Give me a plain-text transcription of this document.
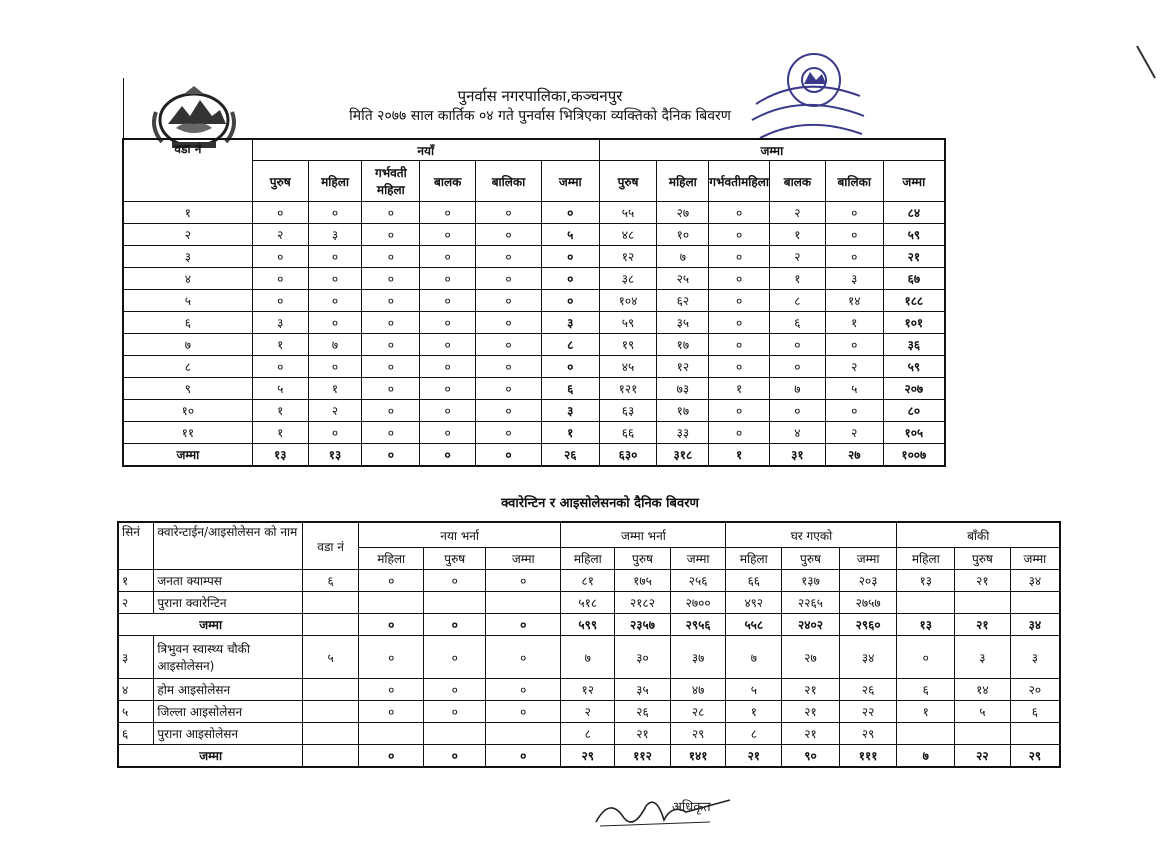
पुनर्वास नगरपालिका,कञ्चनपुर
मिति २०७७ साल कार्तिक ०४ गते पुनर्वास भित्रिएका व्यक्तिको दैनिक बिवरण
वडा नं	नयाँ						जम्मा					
	पुरुष	महिला	गर्भवती महिला	बालक	बालिका	जम्मा	पुरुष	महिला	गर्भवतीमहिला	बालक	बालिका	जम्मा
१	०	०	०	०	०	०	५५	२७	०	२	०	८४
२	२	३	०	०	०	५	४८	१०	०	१	०	५९
३	०	०	०	०	०	०	१२	७	०	२	०	२१
४	०	०	०	०	०	०	३८	२५	०	१	३	६७
५	०	०	०	०	०	०	१०४	६२	०	८	१४	१८८
६	३	०	०	०	०	३	५९	३५	०	६	१	१०१
७	१	७	०	०	०	८	१९	१७	०	०	०	३६
८	०	०	०	०	०	०	४५	१२	०	०	२	५९
९	५	१	०	०	०	६	१२१	७३	१	७	५	२०७
१०	१	२	०	०	०	३	६३	१७	०	०	०	८०
११	१	०	०	०	०	१	६६	३३	०	४	२	१०५
जम्मा	१३	१३	०	०	०	२६	६३०	३१८	१	३१	२७	१००७
क्वारेन्टिन र आइसोलेसनको दैनिक बिवरण
सिनं	क्वारेन्टाईन/आइसोलेसन को नाम	वडा नं	नया भर्ना			जम्मा भर्ना			घर गएको			बाँकी		
			महिला	पुरुष	जम्मा	महिला	पुरुष	जम्मा	महिला	पुरुष	जम्मा	महिला	पुरुष	जम्मा
१	जनता क्याम्पस	६	०	०	०	८१	१७५	२५६	६६	१३७	२०३	१३	२१	३४
२	पुराना क्वारेन्टिन					५१८	२१८२	२७००	४९२	२२६५	२७५७			
जम्मा			०	०	०	५९९	२३५७	२९५६	५५८	२४०२	२९६०	१३	२१	३४
३	त्रिभुवन स्वास्थ्य चौकी आइसोलेसन)	५	०	०	०	७	३०	३७	७	२७	३४	०	३	३
४	होम आइसोलेसन		०	०	०	१२	३५	४७	५	२१	२६	६	१४	२०
५	जिल्ला आइसोलेसन		०	०	०	२	२६	२८	१	२१	२२	१	५	६
६	पुराना आइसोलेसन					८	२१	२९	८	२१	२९			
जम्मा			०	०	०	२९	११२	१४१	२१	९०	१११	७	२२	२९
अधिकृत
